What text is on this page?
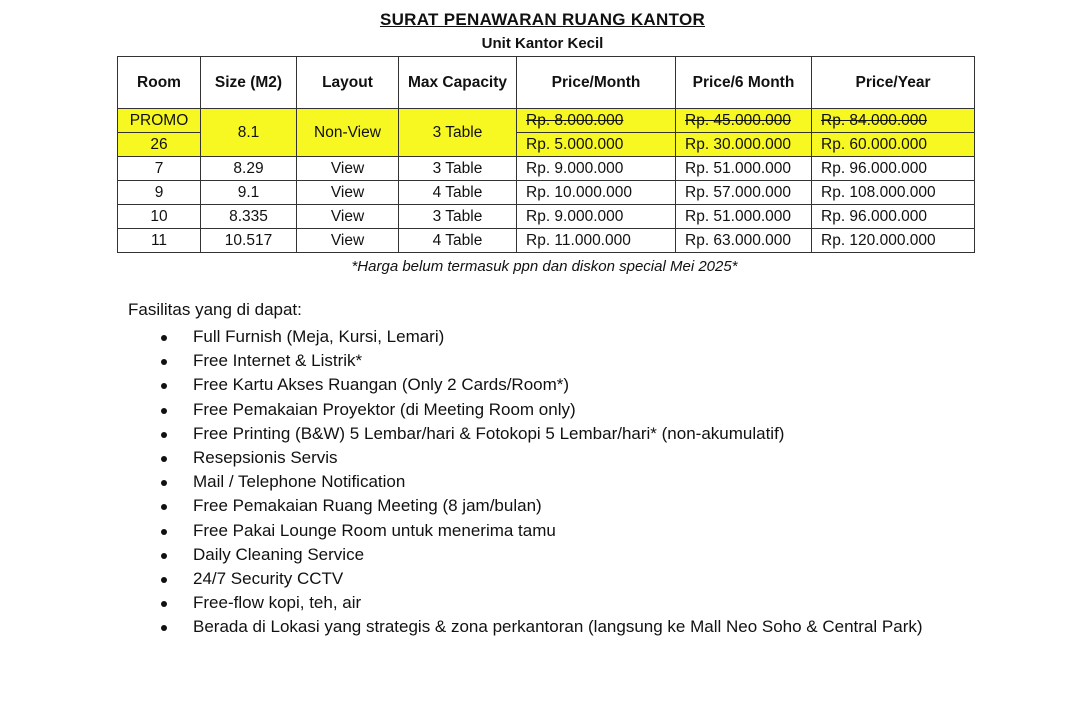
SURAT PENAWARAN RUANG KANTOR
Unit Kantor Kecil
Room	Size (M2)	Layout	Max Capacity	Price/Month	Price/6 Month	Price/Year
PROMO	8.1	Non-View	3 Table	Rp. 8.000.000	Rp. 45.000.000	Rp. 84.000.000
26				Rp. 5.000.000	Rp. 30.000.000	Rp. 60.000.000
7	8.29	View	3 Table	Rp. 9.000.000	Rp. 51.000.000	Rp. 96.000.000
9	9.1	View	4 Table	Rp. 10.000.000	Rp. 57.000.000	Rp. 108.000.000
10	8.335	View	3 Table	Rp. 9.000.000	Rp. 51.000.000	Rp. 96.000.000
11	10.517	View	4 Table	Rp. 11.000.000	Rp. 63.000.000	Rp. 120.000.000
*Harga belum termasuk ppn dan diskon special Mei 2025*
Fasilitas yang di dapat:
Full Furnish (Meja, Kursi, Lemari)
Free Internet & Listrik*
Free Kartu Akses Ruangan (Only 2 Cards/Room*)
Free Pemakaian Proyektor (di Meeting Room only)
Free Printing (B&W) 5 Lembar/hari & Fotokopi 5 Lembar/hari* (non-akumulatif)
Resepsionis Servis
Mail / Telephone Notification
Free Pemakaian Ruang Meeting (8 jam/bulan)
Free Pakai Lounge Room untuk menerima tamu
Daily Cleaning Service
24/7 Security CCTV
Free-flow kopi, teh, air
Berada di Lokasi yang strategis & zona perkantoran (langsung ke Mall Neo Soho & Central Park)
